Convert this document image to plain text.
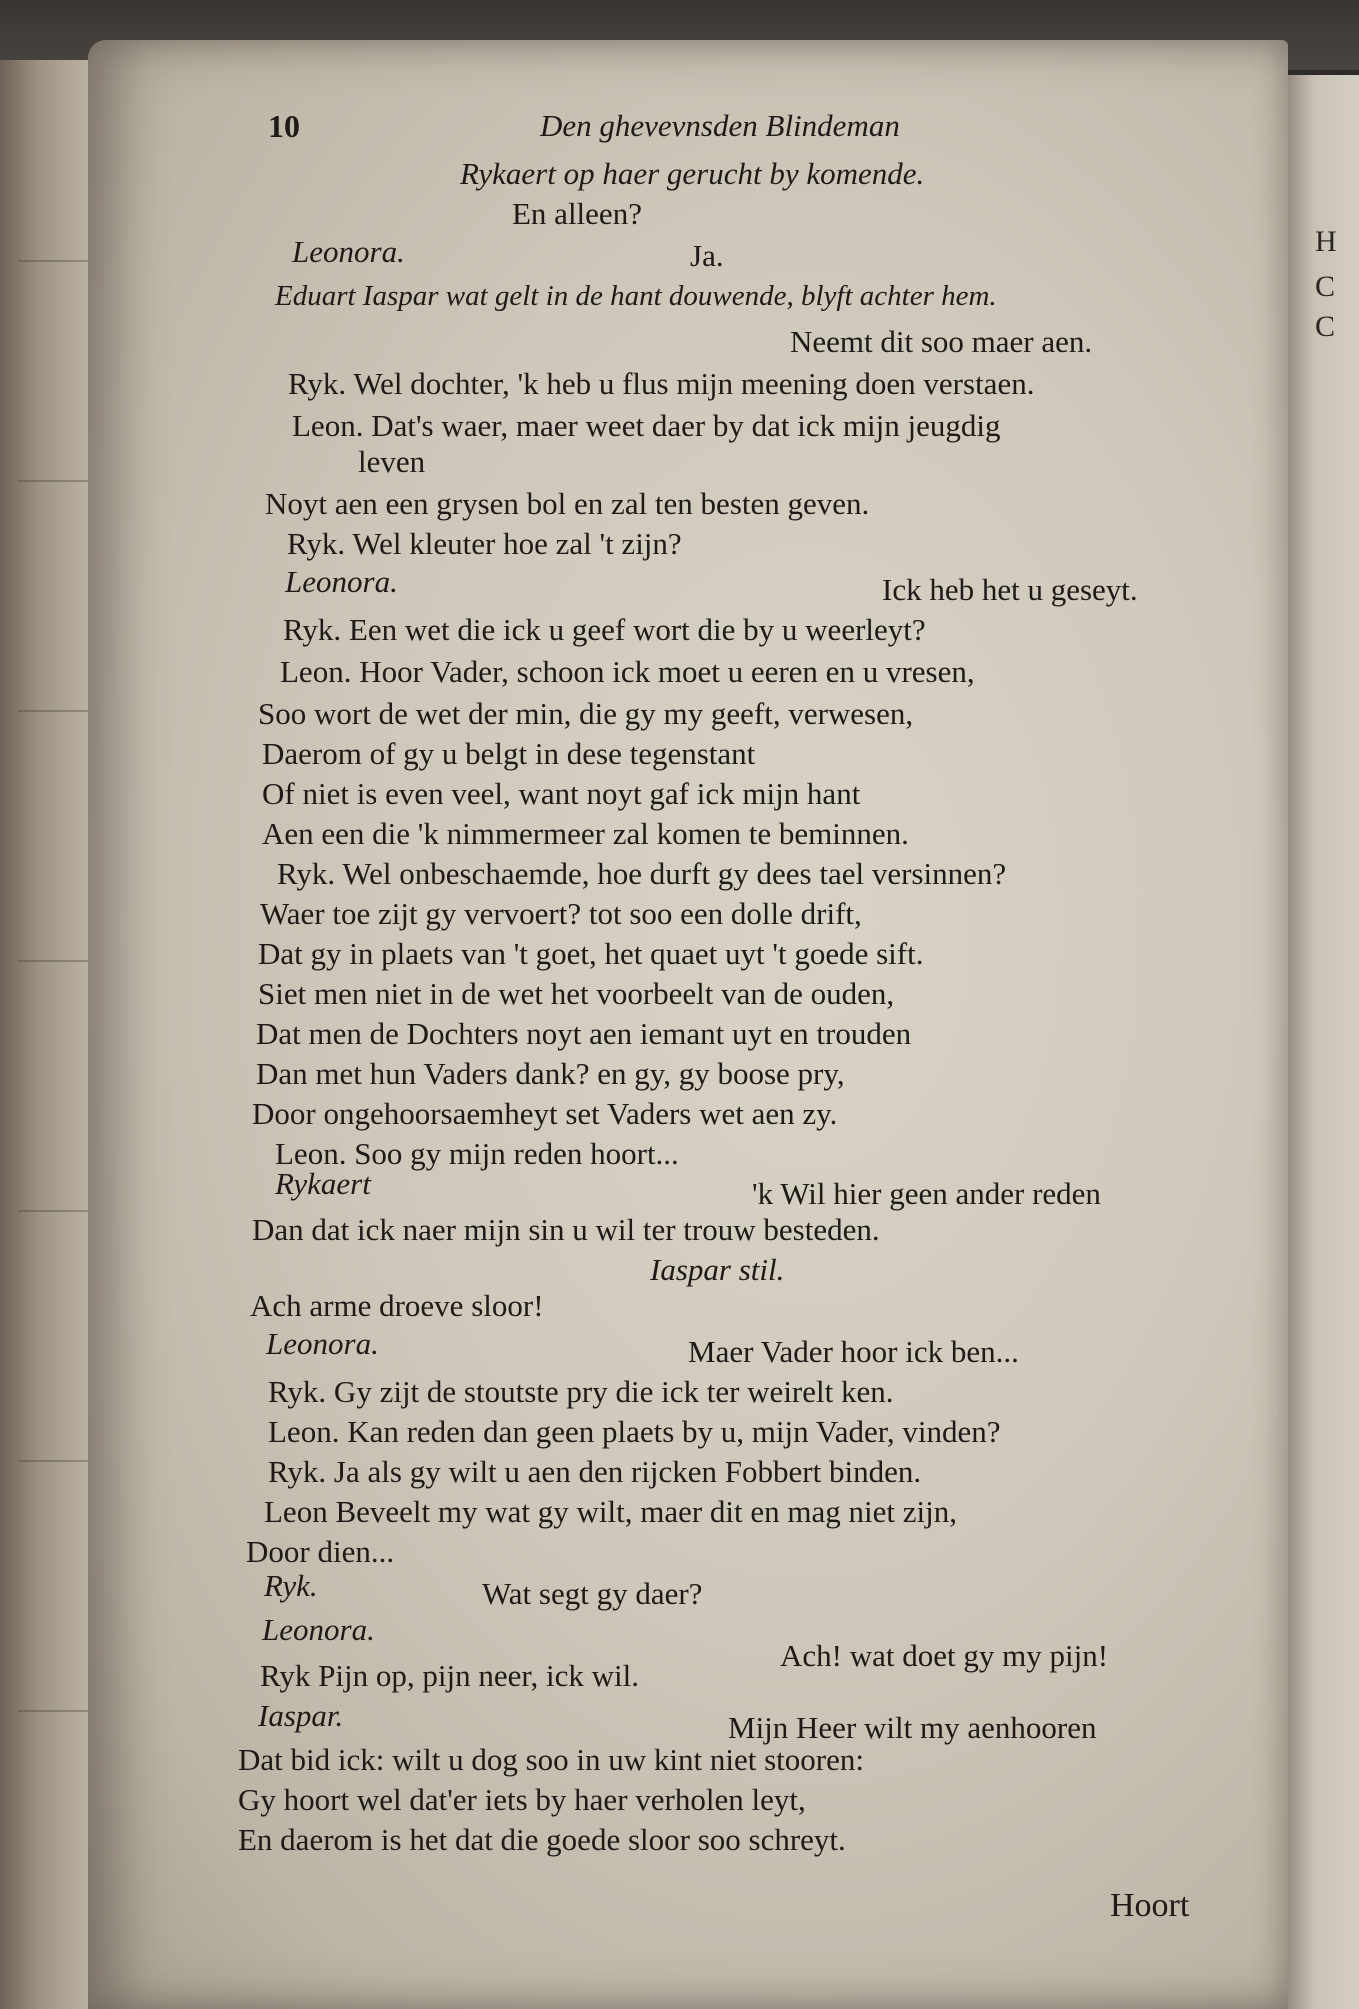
H
C
C
10	Den ghevevnsden Blindeman
Rykaert op haer gerucht by komende.
En alleen?
Leonora.	Ja.
Eduart Iaspar wat gelt in de hant douwende, blyft achter hem.
Neemt dit soo maer aen.
Ryk. Wel dochter, 'k heb u flus mijn meening doen verstaen.
Leon. Dat's waer, maer weet daer by dat ick mijn jeugdig
leven
Noyt aen een grysen bol en zal ten besten geven.
Ryk. Wel kleuter hoe zal 't zijn?
Leonora.	Ick heb het u geseyt.
Ryk. Een wet die ick u geef wort die by u weerleyt?
Leon. Hoor Vader, schoon ick moet u eeren en u vresen,
Soo wort de wet der min, die gy my geeft, verwesen,
Daerom of gy u belgt in dese tegenstant
Of niet is even veel, want noyt gaf ick mijn hant
Aen een die 'k nimmermeer zal komen te beminnen.
Ryk. Wel onbeschaemde, hoe durft gy dees tael versinnen?
Waer toe zijt gy vervoert? tot soo een dolle drift,
Dat gy in plaets van 't goet, het quaet uyt 't goede sift.
Siet men niet in de wet het voorbeelt van de ouden,
Dat men de Dochters noyt aen iemant uyt en trouden
Dan met hun Vaders dank? en gy, gy boose pry,
Door ongehoorsaemheyt set Vaders wet aen zy.
Leon. Soo gy mijn reden hoort...
Rykaert	'k Wil hier geen ander reden
Dan dat ick naer mijn sin u wil ter trouw besteden.
Iaspar stil.
Ach arme droeve sloor!
Leonora.	Maer Vader hoor ick ben...
Ryk. Gy zijt de stoutste pry die ick ter weirelt ken.
Leon. Kan reden dan geen plaets by u, mijn Vader, vinden?
Ryk. Ja als gy wilt u aen den rijcken Fobbert binden.
Leon Beveelt my wat gy wilt, maer dit en mag niet zijn,
Door dien...
Ryk.	Wat segt gy daer?
Leonora.
Ach! wat doet gy my pijn!
Ryk Pijn op, pijn neer, ick wil.
Iaspar.	Mijn Heer wilt my aenhooren
Dat bid ick: wilt u dog soo in uw kint niet stooren:
Gy hoort wel dat'er iets by haer verholen leyt,
En daerom is het dat die goede sloor soo schreyt.
Hoort
